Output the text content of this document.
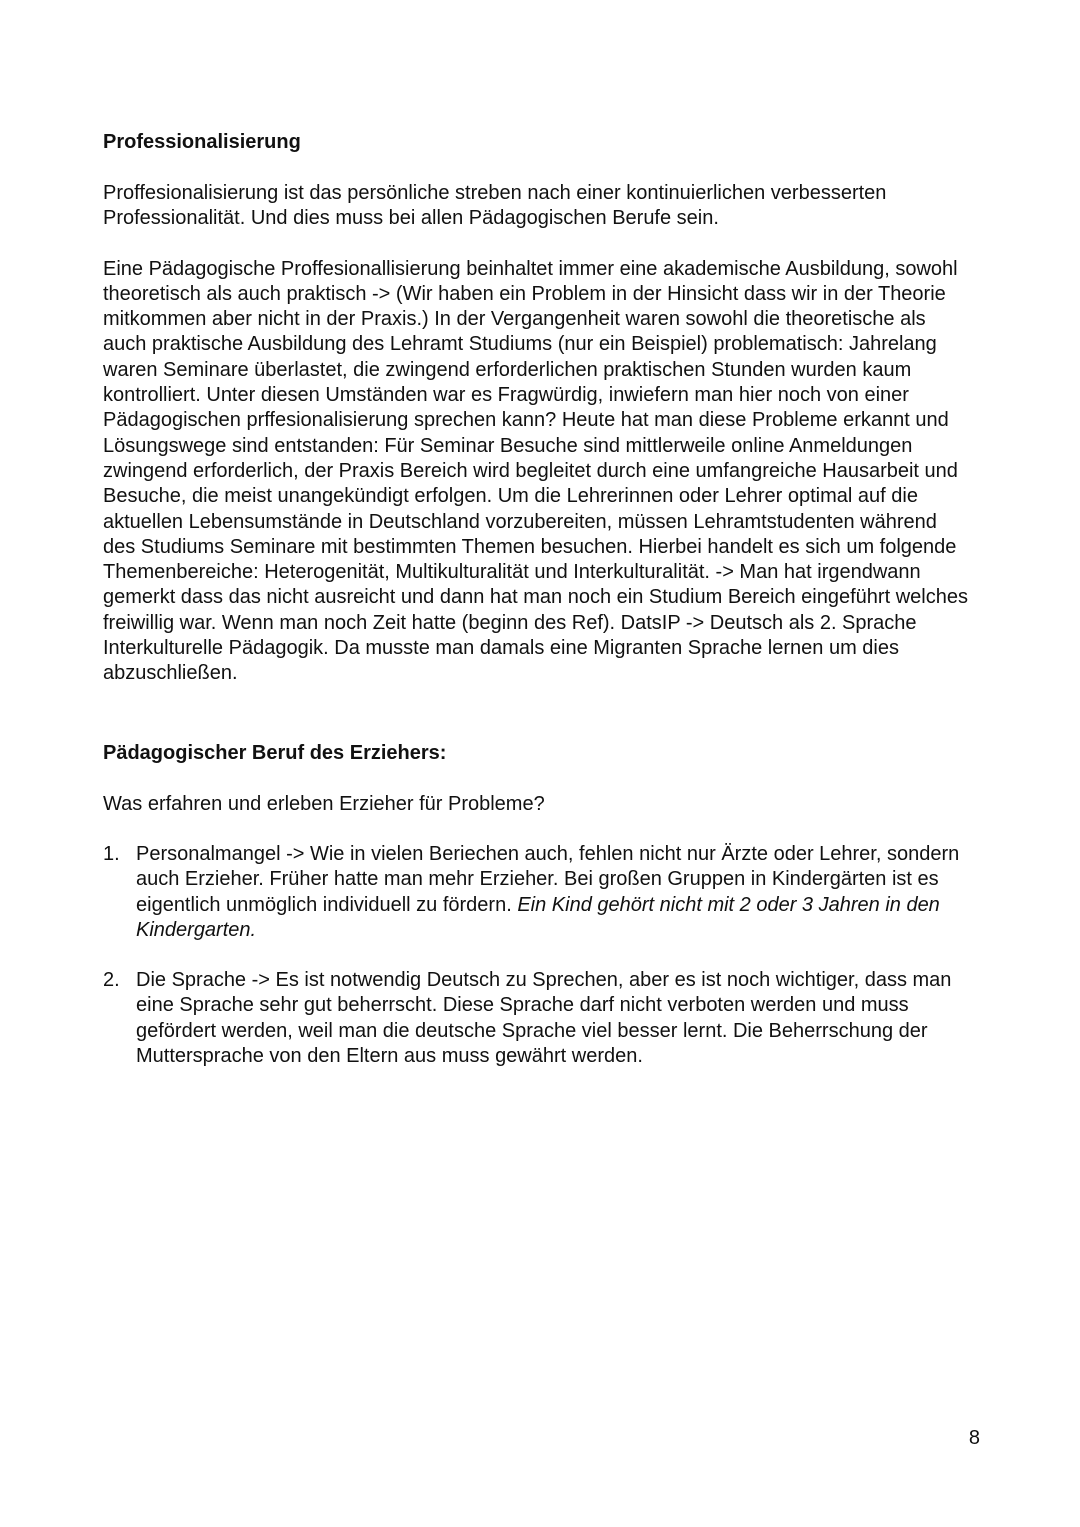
Professionalisierung

Proffesionalisierung ist das persönliche streben nach einer kontinuierlichen verbesserten Professionalität. Und dies muss bei allen Pädagogischen Berufe sein.

Eine Pädagogische Proffesionallisierung beinhaltet immer eine akademische Ausbildung, sowohl theoretisch als auch praktisch -> (Wir haben ein Problem in der Hinsicht dass wir in der Theorie mitkommen aber nicht in der Praxis.) In der Vergangenheit waren sowohl die theoretische als auch praktische Ausbildung des Lehramt Studiums (nur ein Beispiel) problematisch: Jahrelang waren Seminare überlastet, die zwingend erforderlichen praktischen Stunden wurden kaum kontrolliert. Unter diesen Umständen war es Fragwürdig, inwiefern man hier noch von einer Pädagogischen prffesionalisierung sprechen kann? Heute hat man diese Probleme erkannt und Lösungswege sind entstanden: Für Seminar Besuche sind mittlerweile online Anmeldungen zwingend erforderlich, der Praxis Bereich wird begleitet durch eine umfangreiche Hausarbeit und Besuche, die meist unangekündigt erfolgen. Um die Lehrerinnen oder Lehrer optimal auf die aktuellen Lebensumstände in Deutschland vorzubereiten, müssen Lehramtstudenten während des Studiums Seminare mit bestimmten Themen besuchen. Hierbei handelt es sich um folgende Themenbereiche: Heterogenität, Multikulturalität und Interkulturalität. -> Man hat irgendwann gemerkt dass das nicht ausreicht und dann hat man noch ein Studium Bereich eingeführt welches freiwillig war. Wenn man noch Zeit hatte (beginn des Ref). DatsIP -> Deutsch als 2. Sprache Interkulturelle Pädagogik. Da musste man damals eine Migranten Sprache lernen um dies abzuschließen.

Pädagogischer Beruf des Erziehers:

Was erfahren und erleben Erzieher für Probleme?

1. Personalmangel -> Wie in vielen Beriechen auch, fehlen nicht nur Ärzte oder Lehrer, sondern auch Erzieher. Früher hatte man mehr Erzieher. Bei großen Gruppen in Kindergärten ist es eigentlich unmöglich individuell zu fördern. Ein Kind gehört nicht mit 2 oder 3 Jahren in den Kindergarten.
2. Die Sprache -> Es ist notwendig Deutsch zu Sprechen, aber es ist noch wichtiger, dass man eine Sprache sehr gut beherrscht. Diese Sprache darf nicht verboten werden und muss gefördert werden, weil man die deutsche Sprache viel besser lernt. Die Beherrschung der Muttersprache von den Eltern aus muss gewährt werden.
8
